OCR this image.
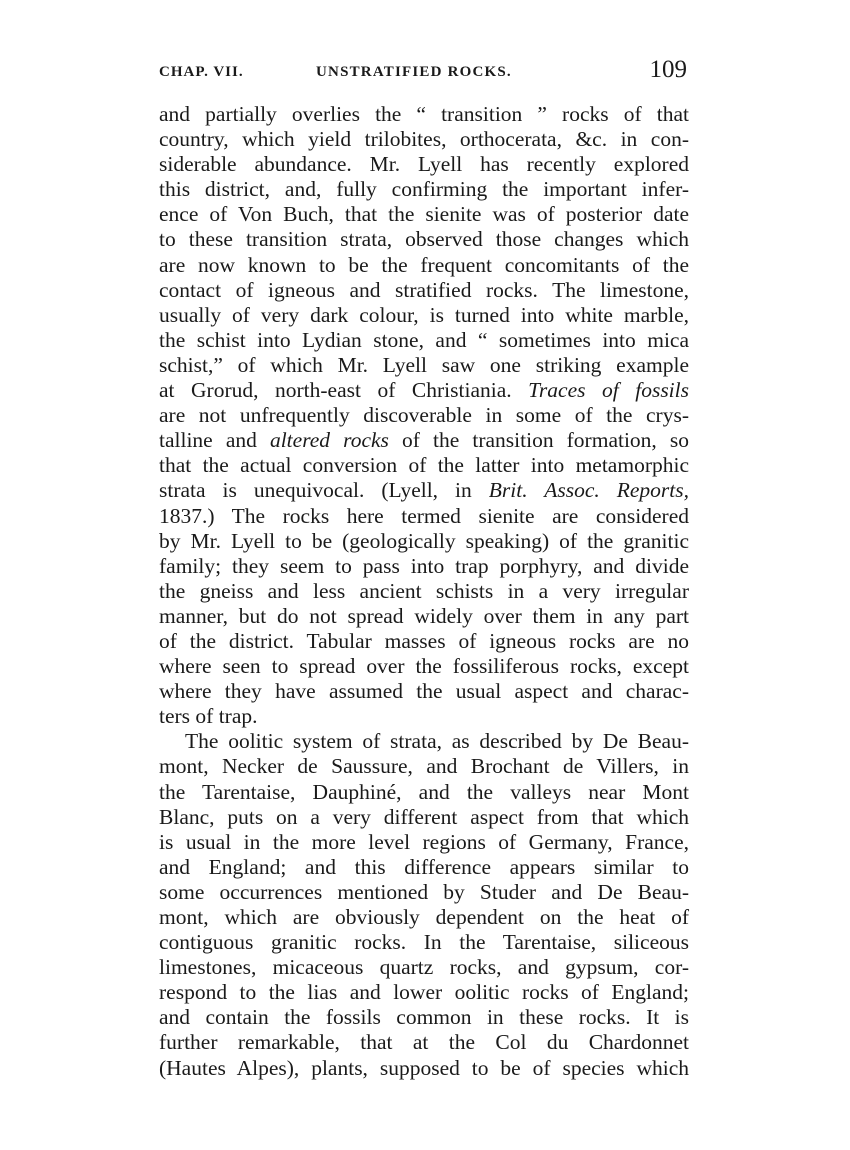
CHAP. VII.	UNSTRATIFIED ROCKS.	109
and partially overlies the “ transition ” rocks of that
country, which yield trilobites, orthocerata, &c. in con-
siderable abundance. Mr. Lyell has recently explored
this district, and, fully confirming the important infer-
ence of Von Buch, that the sienite was of posterior date
to these transition strata, observed those changes which
are now known to be the frequent concomitants of the
contact of igneous and stratified rocks. The limestone,
usually of very dark colour, is turned into white marble,
the schist into Lydian stone, and “ sometimes into mica
schist,” of which Mr. Lyell saw one striking example
at Grorud, north-east of Christiania. Traces of fossils
are not unfrequently discoverable in some of the crys-
talline and altered rocks of the transition formation, so
that the actual conversion of the latter into metamorphic
strata is unequivocal. (Lyell, in Brit. Assoc. Reports,
1837.) The rocks here termed sienite are considered
by Mr. Lyell to be (geologically speaking) of the granitic
family; they seem to pass into trap porphyry, and divide
the gneiss and less ancient schists in a very irregular
manner, but do not spread widely over them in any part
of the district. Tabular masses of igneous rocks are no
where seen to spread over the fossiliferous rocks, except
where they have assumed the usual aspect and charac-
ters of trap.
The oolitic system of strata, as described by De Beau-
mont, Necker de Saussure, and Brochant de Villers, in
the Tarentaise, Dauphiné, and the valleys near Mont
Blanc, puts on a very different aspect from that which
is usual in the more level regions of Germany, France,
and England; and this difference appears similar to
some occurrences mentioned by Studer and De Beau-
mont, which are obviously dependent on the heat of
contiguous granitic rocks. In the Tarentaise, siliceous
limestones, micaceous quartz rocks, and gypsum, cor-
respond to the lias and lower oolitic rocks of England;
and contain the fossils common in these rocks. It is
further remarkable, that at the Col du Chardonnet
(Hautes Alpes), plants, supposed to be of species which
